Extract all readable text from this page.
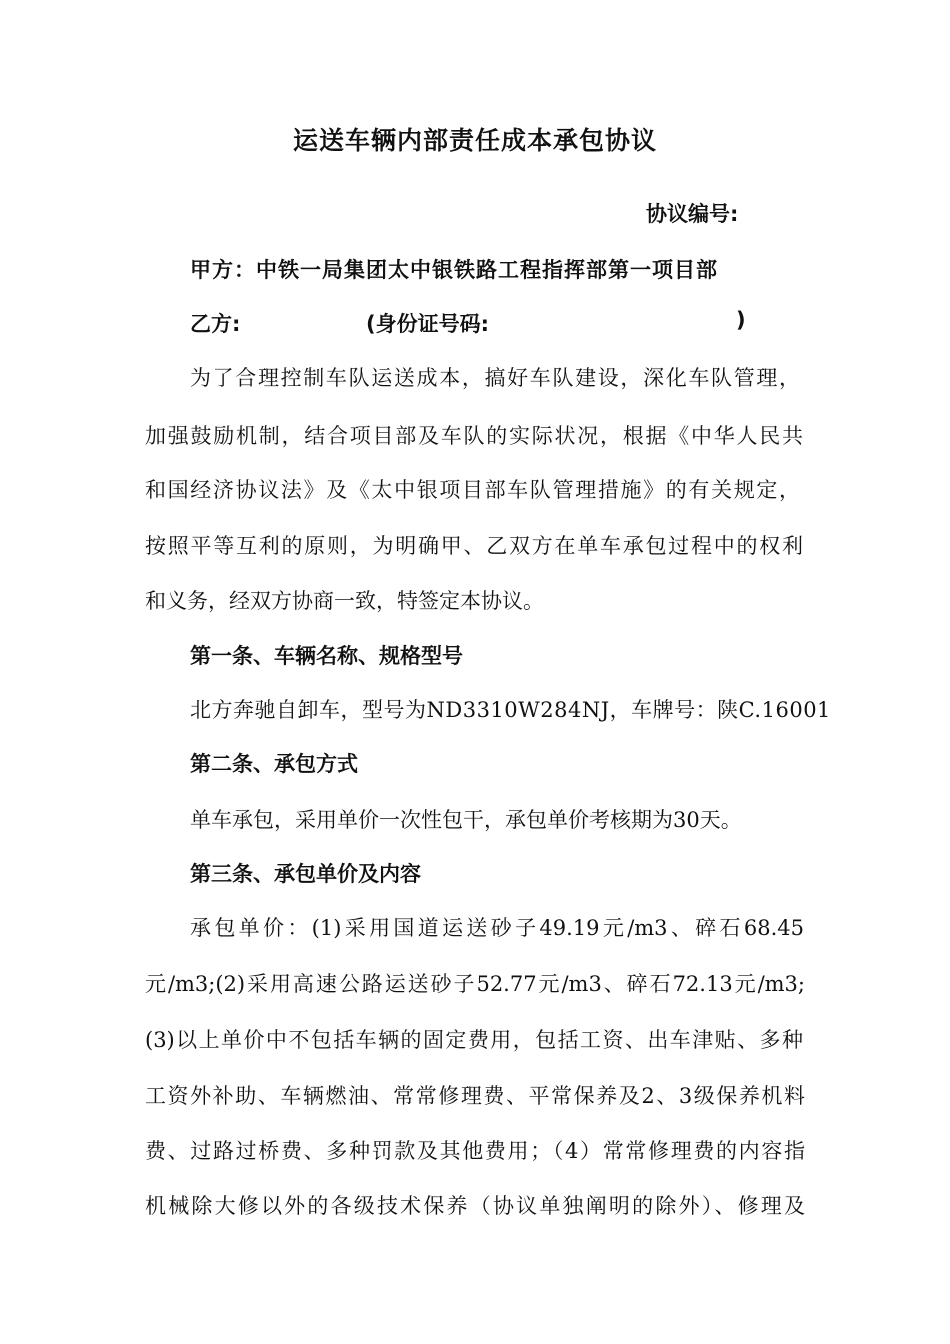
运送车辆内部责任成本承包协议
协议编号:
甲方：中铁一局集团太中银铁路工程指挥部第一项目部
乙方:	(身份证号码:	)
为了合理控制车队运送成本，搞好车队建设，深化车队管理，
加强鼓励机制，结合项目部及车队的实际状况，根据《中华人民共
和国经济协议法》及《太中银项目部车队管理措施》的有关规定，
按照平等互利的原则，为明确甲、乙双方在单车承包过程中的权利
和义务，经双方协商一致，特签定本协议。
第一条、车辆名称、规格型号
北方奔驰自卸车，型号为ND3310W284NJ，车牌号：陕C.16001
第二条、承包方式
单车承包，采用单价一次性包干，承包单价考核期为30天。
第三条、承包单价及内容
承包单价：(1)采用国道运送砂子49.19元/m3、碎石68.45
元/m3;(2)采用高速公路运送砂子52.77元/m3、碎石72.13元/m3;
(3)以上单价中不包括车辆的固定费用，包括工资、出车津贴、多种
工资外补助、车辆燃油、常常修理费、平常保养及2、3级保养机料
费、过路过桥费、多种罚款及其他费用；（4）常常修理费的内容指
机械除大修以外的各级技术保养（协议单独阐明的除外）、修理及
